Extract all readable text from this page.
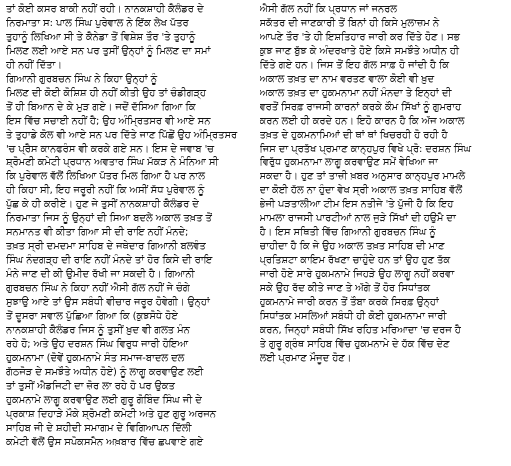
ਤਾਂ ਕੋਈ ਕਸਰ ਬਾਕੀ ਨਹੀਂ ਰਹੀ। ਨਾਨਕਸ਼ਾਹੀ ਕੈਲੰਡਰ ਦੇ
ਨਿਰਮਾਤਾ ਸ: ਪਾਲ ਸਿੰਘ ਪੁਰੇਵਾਲ ਨੇ ਇੱਕ ਲੇਖ ਪੱਤਰ
ਤੁਹਾਨੂੰ ਲਿਖਿਆ ਸੀ ਤੇ ਕੈਨੇਡਾ ਤੋਂ ਵਿਸ਼ੇਸ਼ ਤੌਰ 'ਤੇ ਤੁਹਾਨੂੰ
ਮਿਲਣ ਲਈ ਆਏ ਸਨ ਪਰ ਤੁਸੀਂ ਉਨ੍ਹਾਂ ਨੂੰ ਮਿਲਣ ਦਾ ਸਮਾਂ
ਹੀ ਨਹੀਂ ਦਿੱਤਾ।
ਗਿਆਨੀ ਗੁਰਬਚਨ ਸਿੰਘ ਨੇ ਕਿਹਾ ਉਨ੍ਹਾਂ ਨੂੰ
ਮਿਲਣ ਦੀ ਕੋਈ ਕੋਸ਼ਿਸ਼ ਹੀ ਨਹੀਂ ਕੀਤੀ ਉਹ ਤਾਂ ਚੰਡੀਗੜ੍ਹ
ਤੋਂ ਹੀ ਬਿਆਨ ਦੇ ਕੇ ਮੁੜ ਗਏ। ਜਦੋਂ ਦੱਸਿਆ ਗਿਆ ਕਿ
ਇਸ ਵਿੱਚ ਸਚਾਈ ਨਹੀਂ ਹੈ; ਉਹ ਅੰਮ੍ਰਿਤਸਰ ਵੀ ਆਏ ਸਨ
ਤੇ ਤੁਹਾਡੇ ਕੋਲ ਵੀ ਆਏ ਸਨ ਪਰ ਦਿੱਤੇ ਜਾਣ ਪਿੱਛੋਂ ਉਹ ਅੰਮ੍ਰਿਤਸਰ
'ਚ ਪ੍ਰੈਸ ਕਾਨਫਰੰਸ ਵੀ ਕਰਕੇ ਗਏ ਸਨ। ਇਸ ਦੇ ਜਵਾਬ 'ਚ
ਸ਼੍ਰੋਮਣੀ ਕਮੇਟੀ ਪ੍ਰਧਾਨ ਅਵਤਾਰ ਸਿੰਘ ਮੱਕੜ ਨੇ ਮੰਨਿਆ ਸੀ
ਕਿ ਪੁਰੇਵਾਲ ਵੱਲੋਂ ਲਿਖਿਆ ਪੱਤਰ ਮਿਲ ਗਿਆ ਹੈ ਪਰ ਨਾਲ
ਹੀ ਕਿਹਾ ਸੀ, ਇਹ ਜਰੂਰੀ ਨਹੀਂ ਕਿ ਅਸੀਂ ਸੱਧ ਪੁਰੇਵਾਲ ਨੂੰ
ਪੁੱਛ ਕੇ ਹੀ ਕਰੀਏ। ਹੁਣ ਜੇ ਤੁਸੀਂ ਨਾਨਕਸ਼ਾਹੀ ਕੈਲੰਡਰ ਦੇ
ਨਿਰਮਾਤਾ ਜਿਸ ਨੂੰ ਉਨ੍ਹਾਂ ਦੀ ਸਿਆ ਬਦਲੇ ਅਕਾਲ ਤਖ਼ਤ ਤੋਂ
ਸਨਮਾਨਤ ਵੀ ਕੀਤਾ ਗਿਆ ਸੀ ਦੀ ਰਾਇ ਨਹੀਂ ਮੰਨਦੇ;
ਤਖ਼ਤ ਸ੍ਰੀ ਦਮਦਮਾ ਸਾਹਿਬ ਦੇ ਜਥੇਦਾਰ ਗਿਆਨੀ ਬਲਵੰਤ
ਸਿੰਘ ਨੰਦਗੜ੍ਹ ਦੀ ਰਾਇ ਨਹੀਂ ਮੰਨਦੇ ਤਾਂ ਹੋਰ ਕਿਸੇ ਦੀ ਰਾਇ
ਮੰਨੇ ਜਾਣ ਦੀ ਕੀ ਉਮੀਦ ਰੱਖੀ ਜਾ ਸਕਦੀ ਹੈ। ਗਿਆਨੀ
ਗੁਰਬਚਨ ਸਿੰਘ ਨੇ ਕਿਹਾ ਨਹੀਂ ਐਸੀ ਗੱਲ ਨਹੀਂ ਜੇ ਚੰਗੇ
ਸੁਝਾਉ ਆਏ ਤਾਂ ਉਸ ਸਬੰਧੀ ਵੀਚਾਰ ਜਰੂਰ ਹੋਵੇਗੀ। ਉਨ੍ਹਾਂ
ਤੋਂ ਦੂਸਰਾ ਸਵਾਲ ਪੁੱਛਿਆ ਗਿਆ ਕਿ (ਕੁਝਸੋਧੇ ਹੋਏ
ਨਾਨਕਸ਼ਾਹੀ ਕੈਲੰਡਰ ਜਿਸ ਨੂੰ ਤੁਸੀਂ ਖ਼ੁਦ ਵੀ ਗਲਤ ਮੰਨ
ਰਹੇ ਹੋ; ਅਤੇ ਉਹ ਦਰਸ਼ਨ ਸਿੰਘ ਵਿਰੁਧ ਜਾਰੀ ਹੋਇਆ
ਹੁਕਮਨਾਮਾ (ਦੋਵੇਂ ਹੁਕਮਨਾਮੇ ਸੰਤ ਸਮਾਜ-ਬਾਦਲ ਦਲ
ਗੱਠਜੋੜ ਦੇ ਸਮਝੌਤੇ ਅਧੀਨ ਹੋਏ) ਨੂੰ ਲਾਗੂ ਕਰਵਾਉਣ ਲਈ
ਤਾਂ ਤੁਸੀਂ ਐਡਜਿਟੀ ਦਾ ਜ਼ੋਰ ਲਾ ਰਹੇ ਹੋ ਪਰ ਉਕਤ
ਹੁਕਮਨਾਮੇ ਲਾਗੂ ਕਰਵਾਉਣ ਲਈ ਗੁਰੂ ਗੋਬਿੰਦ ਸਿੰਘ ਜੀ ਦੇ
ਪ੍ਰਕਾਸ਼ ਦਿਹਾੜੇ ਮੌਕੇ ਸ਼੍ਰੋਮਣੀ ਕਮੇਟੀ ਅਤੇ ਹੁਣ ਗੁਰੂ ਅਰਜਨ
ਸਾਹਿਬ ਜੀ ਦੇ ਸ਼ਹੀਦੀ ਸਮਾਗਮ ਦੇ ਵਿਗਿਆਪਨ ਦਿੱਲੀ
ਕਮੇਟੀ ਵੱਲੋਂ ਉਸ ਸਪੋਕਸਮੈਨ ਅਖ਼ਬਾਰ ਵਿੱਚ ਛਪਵਾਏ ਗਏ
ਐਸੀ ਗੱਲ ਨਹੀਂ ਕਿ ਪ੍ਰਧਾਨ ਜਾਂ ਜਨਰਲ
ਸਕੱਤਰ ਦੀ ਜਾਣਕਾਰੀ ਤੋਂ ਬਿਨਾਂ ਹੀ ਕਿਸੇ ਮੁਲਾਜ਼ਮ ਨੇ
ਆਪਣੇ ਤੌਰ 'ਤੇ ਹੀ ਇਸ਼ਤਿਹਾਰ ਜਾਰੀ ਕਰ ਦਿੱਤੇ ਹੋਣ। ਸਭ
ਕੁਝ ਜਾਣ ਬੁੱਝ ਕੇ ਅੰਦਰਖਾਤੇ ਹੋਏ ਕਿਸੇ ਸਮਝੌਤੇ ਅਧੀਨ ਹੀ
ਦਿੱਤੇ ਗਏ ਹਨ। ਜਿਸ ਤੋਂ ਇਹ ਗੱਲ ਸਾਫ਼ ਹੋ ਜਾਂਦੀ ਹੈ ਕਿ
ਅਕਾਲ ਤਖ਼ਤ ਦਾ ਨਾਮ ਵਰਤਣ ਵਾਲਾ ਕੋਈ ਵੀ ਖ਼ੁਦ
ਅਕਾਲ ਤਖ਼ਤ ਦਾ ਹੁਕਮਨਾਮਾ ਨਹੀਂ ਮੰਨਦਾ ਤੇ ਇਨ੍ਹਾਂ ਦੀ
ਵਰਤੋਂ ਸਿਰਫ਼ ਰਾਜਸੀ ਕਾਰਨਾਂ ਕਰਕੇ ਕੌਮ ਸਿੱਖਾਂ ਨੂੰ ਗੁਮਰਾਹ
ਕਰਨ ਲਈ ਹੀ ਕਰਦੇ ਹਨ। ਇਹੋ ਕਾਰਨ ਹੈ ਕਿ ਅੱਜ ਅਕਾਲ
ਤਖ਼ਤ ਦੇ ਹੁਕਮਨਾਮਿਆਂ ਦੀ ਥਾਂ ਥਾਂ ਖਿਚਰਹੀ ਹੋ ਰਹੀ ਹੈ
ਜਿਸ ਦਾ ਪ੍ਰਤੱਖ ਪ੍ਰਮਾਣ ਕਾਨ੍ਹਪੁਰ ਵਿਖੇ ਪ੍ਰੋ: ਦਰਸ਼ਨ ਸਿੰਘ
ਵਿਰੁੱਧ ਹੁਕਮਨਾਮਾ ਲਾਗੂ ਕਰਵਾਉਣ ਸਮੇਂ ਵੇਖਿਆ ਜਾ
ਸਕਦਾ ਹੈ। ਹੁਣ ਤਾਂ ਤਾਜ਼ੀ ਖ਼ਬਰ ਅਨੁਸਾਰ ਕਾਨ੍ਹਪੁਰ ਮਾਮਲੇ
ਦਾ ਕੋਈ ਹੱਲ ਨਾ ਹੁੰਦਾ ਵੇਖ ਸ੍ਰੀ ਅਕਾਲ ਤਖ਼ਤ ਸਾਹਿਬ ਵੱਲੋਂ
ਭੇਜੀ ਪੜਤਾਲੀਆ ਟੀਮ ਇਸ ਨਤੀਜੇ 'ਤੇ ਪੁੱਜੀ ਹੈ ਕਿ ਇਹ
ਮਾਮਲਾ ਰਾਜਸੀ ਪਾਰਟੀਆਂ ਨਾਲ ਜੁੜੇ ਸਿੱਖਾਂ ਦੀ ਹਉਮੈ ਦਾ
ਹੈ। ਇਸ ਸਥਿਤੀ ਵਿੱਚ ਗਿਆਨੀ ਗੁਰਬਚਨ ਸਿੰਘ ਨੂੰ
ਚਾਹੀਦਾ ਹੈ ਕਿ ਜੇ ਉਹ ਅਕਾਲ ਤਖ਼ਤ ਸਾਹਿਬ ਦੀ ਮਾਣ
ਪ੍ਰਤਿਸ਼ਟਾ ਕਾਇਮ ਰੱਖਣਾ ਚਾਹੁੰਦੇ ਹਨ ਤਾਂ ਉਹ ਹੁਣ ਤੱਕ
ਜਾਰੀ ਹੋਏ ਸਾਰੇ ਹੁਕਮਨਾਮੇ ਜਿਹੜੇ ਉਹ ਲਾਗੂ ਨਹੀਂ ਕਰਵਾ
ਸਕੇ ਉਹ ਰੱਦ ਕੀਤੇ ਜਾਣ ਤੇ ਅੱਗੇ ਤੋਂ ਹੋਰ ਸਿਧਾਂਤਕ
ਹੁਕਮਨਾਮੇ ਜਾਰੀ ਕਰਨ ਤੋਂ ਤੌਬਾ ਕਰਕੇ ਸਿਰਫ਼ ਉਨ੍ਹਾਂ
ਸਿਧਾਂਤਕ ਮਸਲਿਆਂ ਸਬੰਧੀ ਹੀ ਕੋਈ ਹੁਕਮਨਾਮਾ ਜਾਰੀ
ਕਰਨ, ਜਿਨ੍ਹਾਂ ਸਬੰਧੀ ਸਿੱਖ ਰਹਿਤ ਮਰਿਆਦਾ 'ਚ ਦਰਜ ਹੈ
ਤੇ ਗੁਰੂ ਗ੍ਰੰਥ ਸਾਹਿਬ ਵਿੱਚ ਹੁਕਮਨਾਮੇ ਦੇ ਹੱਕ ਵਿੱਚ ਦੇਣ
ਲਈ ਪ੍ਰਮਾਣ ਮੌਜੂਦ ਹੋਣ।
